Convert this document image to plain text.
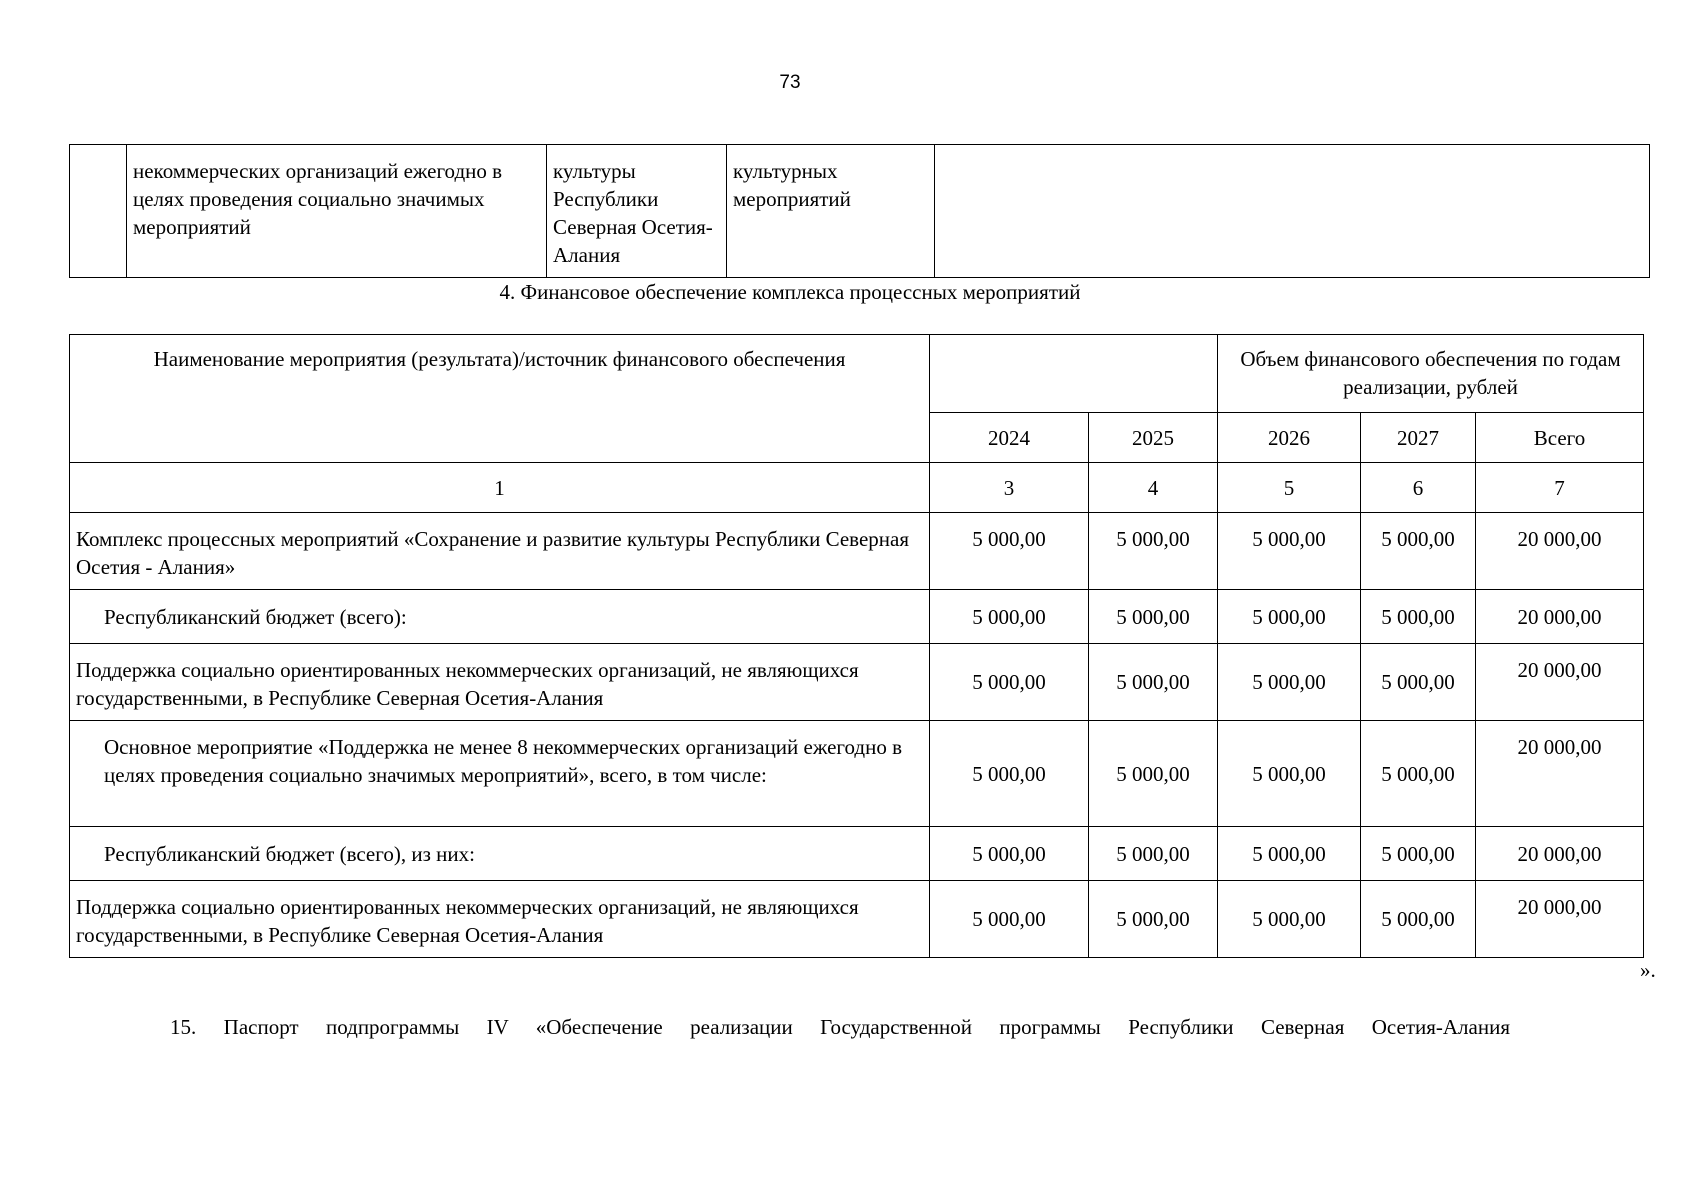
73
	некоммерческих организаций ежегодно в целях проведения социально значимых мероприятий	культуры Республики Северная Осетия-Алания	культурных мероприятий	
4. Финансовое обеспечение комплекса процессных мероприятий
Наименование мероприятия (результата)/источник финансового обеспечения			Объем финансового обеспечения по годам реализации, рублей		
	2024	2025	2026	2027	Всего
1	3	4	5	6	7
Комплекс процессных мероприятий «Сохранение и развитие культуры Республики Северная Осетия - Алания»	5 000,00	5 000,00	5 000,00	5 000,00	20 000,00
Республиканский бюджет (всего):	5 000,00	5 000,00	5 000,00	5 000,00	20 000,00
Поддержка социально ориентированных некоммерческих организаций, не являющихся государственными, в Республике Северная Осетия-Алания	5 000,00	5 000,00	5 000,00	5 000,00	20 000,00
Основное мероприятие «Поддержка не менее 8 некоммерческих организаций ежегодно в целях проведения социально значимых мероприятий», всего, в том числе:	5 000,00	5 000,00	5 000,00	5 000,00	20 000,00
Республиканский бюджет (всего), из них:	5 000,00	5 000,00	5 000,00	5 000,00	20 000,00
Поддержка социально ориентированных некоммерческих организаций, не являющихся государственными, в Республике Северная Осетия-Алания	5 000,00	5 000,00	5 000,00	5 000,00	20 000,00
».
15. Паспорт подпрограммы IV «Обеспечение реализации Государственной программы Республики Северная Осетия-Алания
